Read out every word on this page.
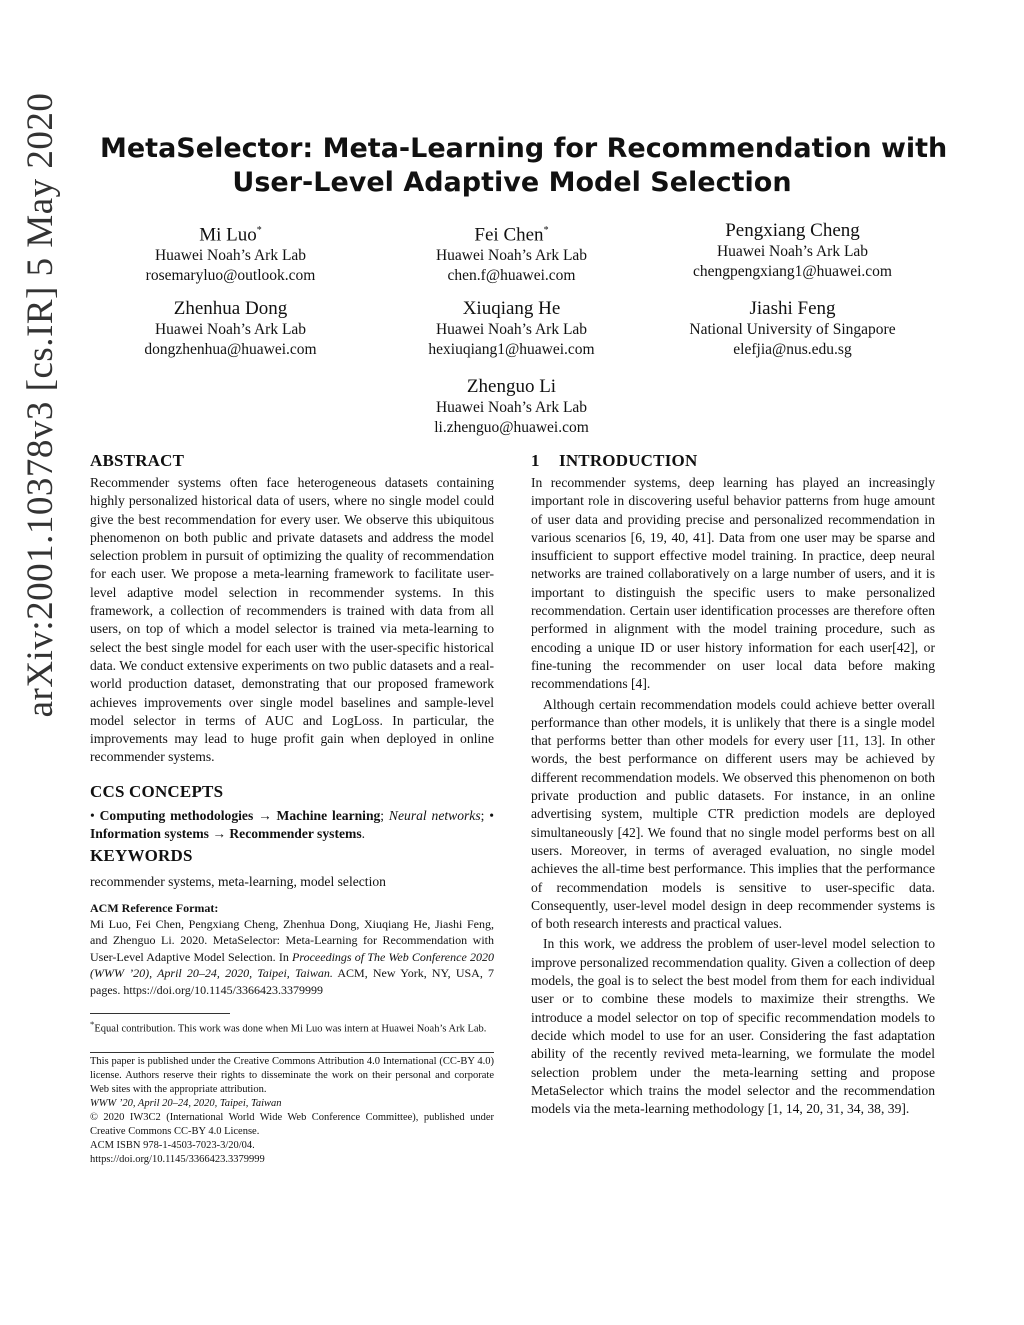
arXiv:2001.10378v3 [cs.IR] 5 May 2020 MetaSelector: Meta-Learning for Recommendation with
User-Level Adaptive Model Selection
Mi Luo*
Huawei Noah’s Ark Lab
rosemaryluo@outlook.com
Fei Chen*
Huawei Noah’s Ark Lab
chen.f@huawei.com
Pengxiang Cheng
Huawei Noah’s Ark Lab
chengpengxiang1@huawei.com
Zhenhua Dong
Huawei Noah’s Ark Lab
dongzhenhua@huawei.com
Xiuqiang He
Huawei Noah’s Ark Lab
hexiuqiang1@huawei.com
Jiashi Feng
National University of Singapore
elefjia@nus.edu.sg
Zhenguo Li
Huawei Noah’s Ark Lab
li.zhenguo@huawei.com
ABSTRACT

Recommender systems often face heterogeneous datasets containing highly personalized historical data of users, where no single model could give the best recommendation for every user. We observe this ubiquitous phenomenon on both public and private datasets and address the model selection problem in pursuit of optimizing the quality of recommendation for each user. We propose a meta-learning framework to facilitate user-level adaptive model selection in recommender systems. In this framework, a collection of recommenders is trained with data from all users, on top of which a model selector is trained via meta-learning to select the best single model for each user with the user-specific historical data. We conduct extensive experiments on two public datasets and a real-world production dataset, demonstrating that our proposed framework achieves improvements over single model baselines and sample-level model selector in terms of AUC and LogLoss. In particular, the improvements may lead to huge profit gain when deployed in online recommender systems.

CCS CONCEPTS
• Computing methodologies → Machine learning; Neural networks; • Information systems → Recommender systems.
KEYWORDS

recommender systems, meta-learning, model selection

ACM Reference Format:
Mi Luo, Fei Chen, Pengxiang Cheng, Zhenhua Dong, Xiuqiang He, Jiashi Feng, and Zhenguo Li. 2020. MetaSelector: Meta-Learning for Recommendation with User-Level Adaptive Model Selection. In Proceedings of The Web Conference 2020 (WWW ’20), April 20–24, 2020, Taipei, Taiwan. ACM, New York, NY, USA, 7 pages. https://doi.org/10.1145/3366423.3379999
*Equal contribution. This work was done when Mi Luo was intern at Huawei Noah’s Ark Lab.
This paper is published under the Creative Commons Attribution 4.0 International (CC-BY 4.0) license. Authors reserve their rights to disseminate the work on their personal and corporate Web sites with the appropriate attribution.
WWW ’20, April 20–24, 2020, Taipei, Taiwan
© 2020 IW3C2 (International World Wide Web Conference Committee), published under Creative Commons CC-BY 4.0 License.
ACM ISBN 978-1-4503-7023-3/20/04.
https://doi.org/10.1145/3366423.3379999
1 INTRODUCTION

In recommender systems, deep learning has played an increasingly important role in discovering useful behavior patterns from huge amount of user data and providing precise and personalized recommendation in various scenarios [6, 19, 40, 41]. Data from one user may be sparse and insufficient to support effective model training. In practice, deep neural networks are trained collaboratively on a large number of users, and it is important to distinguish the specific users to make personalized recommendation. Certain user identification processes are therefore often performed in alignment with the model training procedure, such as encoding a unique ID or user history information for each user[42], or fine-tuning the recommender on user local data before making recommendations [4].

Although certain recommendation models could achieve better overall performance than other models, it is unlikely that there is a single model that performs better than other models for every user [11, 13]. In other words, the best performance on different users may be achieved by different recommendation models. We observed this phenomenon on both private production and public datasets. For instance, in an online advertising system, multiple CTR prediction models are deployed simultaneously [42]. We found that no single model performs best on all users. Moreover, in terms of averaged evaluation, no single model achieves the all-time best performance. This implies that the performance of recommendation models is sensitive to user-specific data. Consequently, user-level model design in deep recommender systems is of both research interests and practical values.

In this work, we address the problem of user-level model selection to improve personalized recommendation quality. Given a collection of deep models, the goal is to select the best model from them for each individual user or to combine these models to maximize their strengths. We introduce a model selector on top of specific recommendation models to decide which model to use for an user. Considering the fast adaptation ability of the recently revived meta-learning, we formulate the model selection problem under the meta-learning setting and propose MetaSelector which trains the model selector and the recommendation models via the meta-learning methodology [1, 14, 20, 31, 34, 38, 39].
